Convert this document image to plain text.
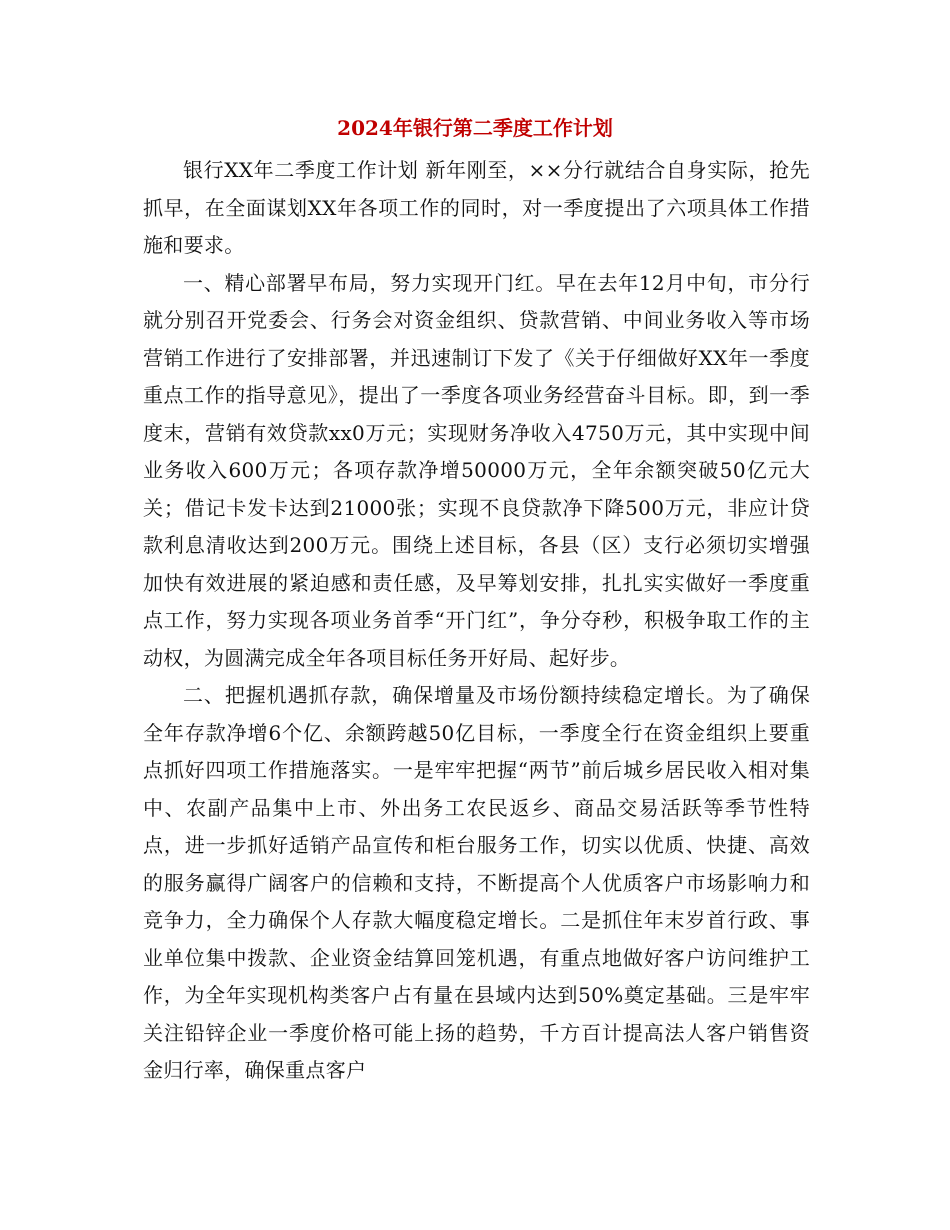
2024年银行第二季度工作计划

银行XX年二季度工作计划 新年刚至，××分行就结合自身实际，抢先抓早，在全面谋划XX年各项工作的同时，对一季度提出了六项具体工作措施和要求。

一、精心部署早布局，努力实现开门红。早在去年12月中旬，市分行就分别召开党委会、行务会对资金组织、贷款营销、中间业务收入等市场营销工作进行了安排部署，并迅速制订下发了《关于仔细做好XX年一季度重点工作的指导意见》，提出了一季度各项业务经营奋斗目标。即，到一季度末，营销有效贷款xx0万元；实现财务净收入4750万元，其中实现中间业务收入600万元；各项存款净增50000万元，全年余额突破50亿元大关；借记卡发卡达到21000张；实现不良贷款净下降500万元，非应计贷款利息清收达到200万元。围绕上述目标，各县（区）支行必须切实增强加快有效进展的紧迫感和责任感，及早筹划安排，扎扎实实做好一季度重点工作，努力实现各项业务首季“开门红”，争分夺秒，积极争取工作的主动权，为圆满完成全年各项目标任务开好局、起好步。

二、把握机遇抓存款，确保增量及市场份额持续稳定增长。为了确保全年存款净增6个亿、余额跨越50亿目标，一季度全行在资金组织上要重点抓好四项工作措施落实。一是牢牢把握“两节”前后城乡居民收入相对集中、农副产品集中上市、外出务工农民返乡、商品交易活跃等季节性特点，进一步抓好适销产品宣传和柜台服务工作，切实以优质、快捷、高效的服务赢得广阔客户的信赖和支持，不断提高个人优质客户市场影响力和竞争力，全力确保个人存款大幅度稳定增长。二是抓住年末岁首行政、事业单位集中拨款、企业资金结算回笼机遇，有重点地做好客户访问维护工作，为全年实现机构类客户占有量在县域内达到50%奠定基础。三是牢牢关注铅锌企业一季度价格可能上扬的趋势，千方百计提高法人客户销售资金归行率，确保重点客户
